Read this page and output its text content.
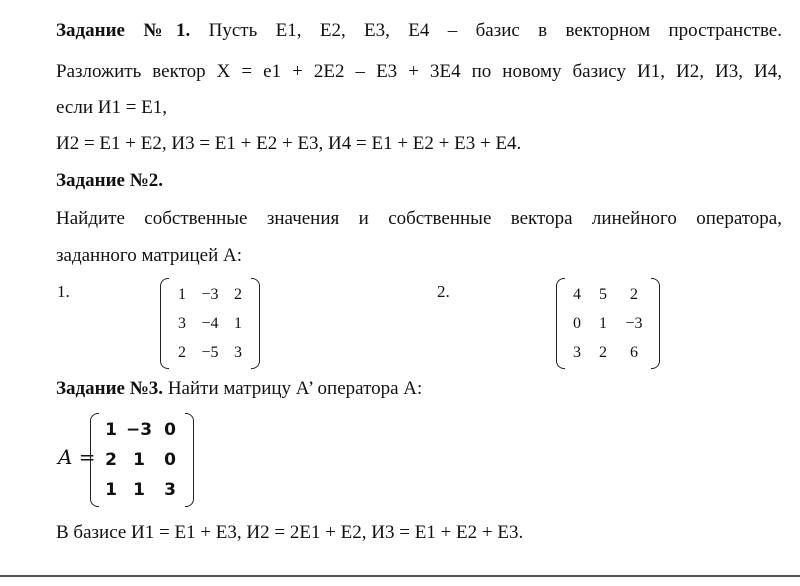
Задание №1. Пусть Е1, Е2, Е3, Е4 – базис в векторном пространстве.
Разложить вектор X = e1 + 2E2 – E3 + 3E4 по новому базису И1, И2, И3, И4,
если И1 = Е1,
И2 = Е1 + Е2, И3 = Е1 + Е2 + Е3, И4 = Е1 + Е2 + Е3 + Е4.
Задание №2.
Найдите собственные значения и собственные вектора линейного оператора,
заданного матрицей А:
1.	1 −3 2
3 −4 1
2 −5 3
2.	4	5	2
0	1	−3
3	2	6
Задание №3. Найти матрицу А’ оператора А:
A =
1 −3 0
2 1	0
1 1	3
В базисе И1 = Е1 + Е3, И2 = 2Е1 + Е2, И3 = Е1 + Е2 + Е3.
